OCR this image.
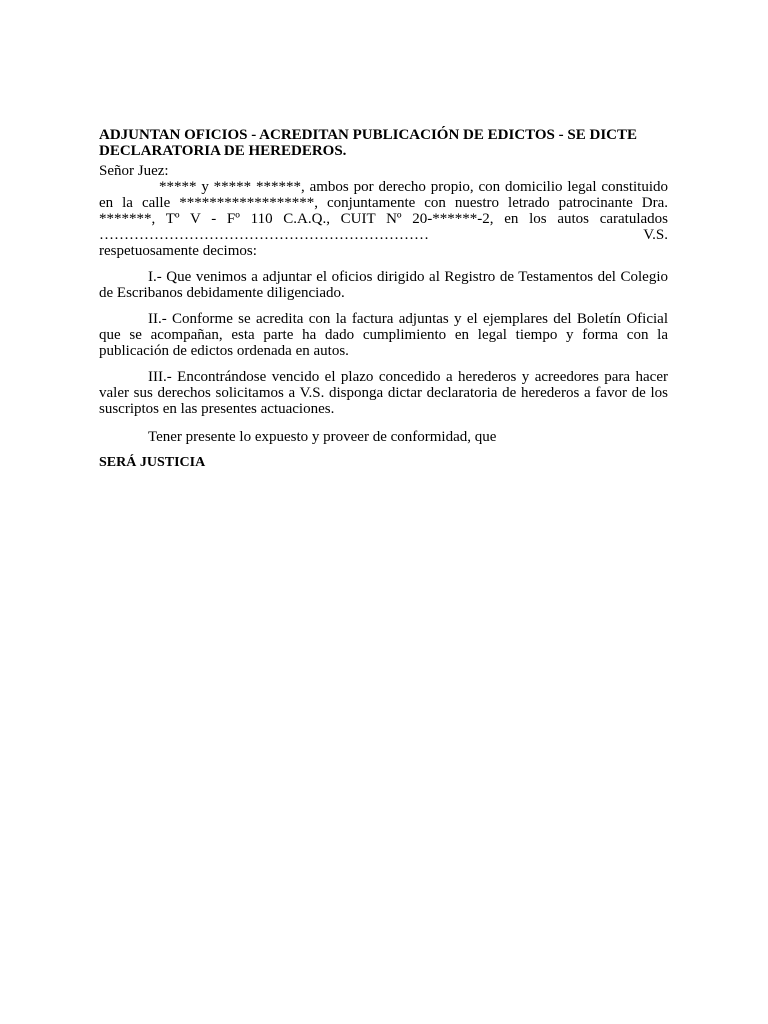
ADJUNTAN OFICIOS - ACREDITAN PUBLICACIÓN DE EDICTOS - SE DICTE DECLARATORIA DE HEREDEROS.

Señor Juez:

***** y ***** ******, ambos por derecho propio, con domicilio legal constituido en la calle ******************, conjuntamente con nuestro letrado patrocinante Dra. *******, Tº V - Fº 110 C.A.Q., CUIT Nº 20-******-2, en los autos caratulados ………………………………………………………… V.S.

respetuosamente decimos:

I.- Que venimos a adjuntar el oficios dirigido al Registro de Testamentos del Colegio de Escribanos debidamente diligenciado.

II.- Conforme se acredita con la factura adjuntas y el ejemplares del Boletín Oficial que se acompañan, esta parte ha dado cumplimiento en legal tiempo y forma con la publicación de edictos ordenada en autos.

III.- Encontrándose vencido el plazo concedido a herederos y acreedores para hacer valer sus derechos solicitamos a V.S. disponga dictar declaratoria de herederos a favor de los suscriptos en las presentes actuaciones.

Tener presente lo expuesto y proveer de conformidad, que

SERÁ JUSTICIA
